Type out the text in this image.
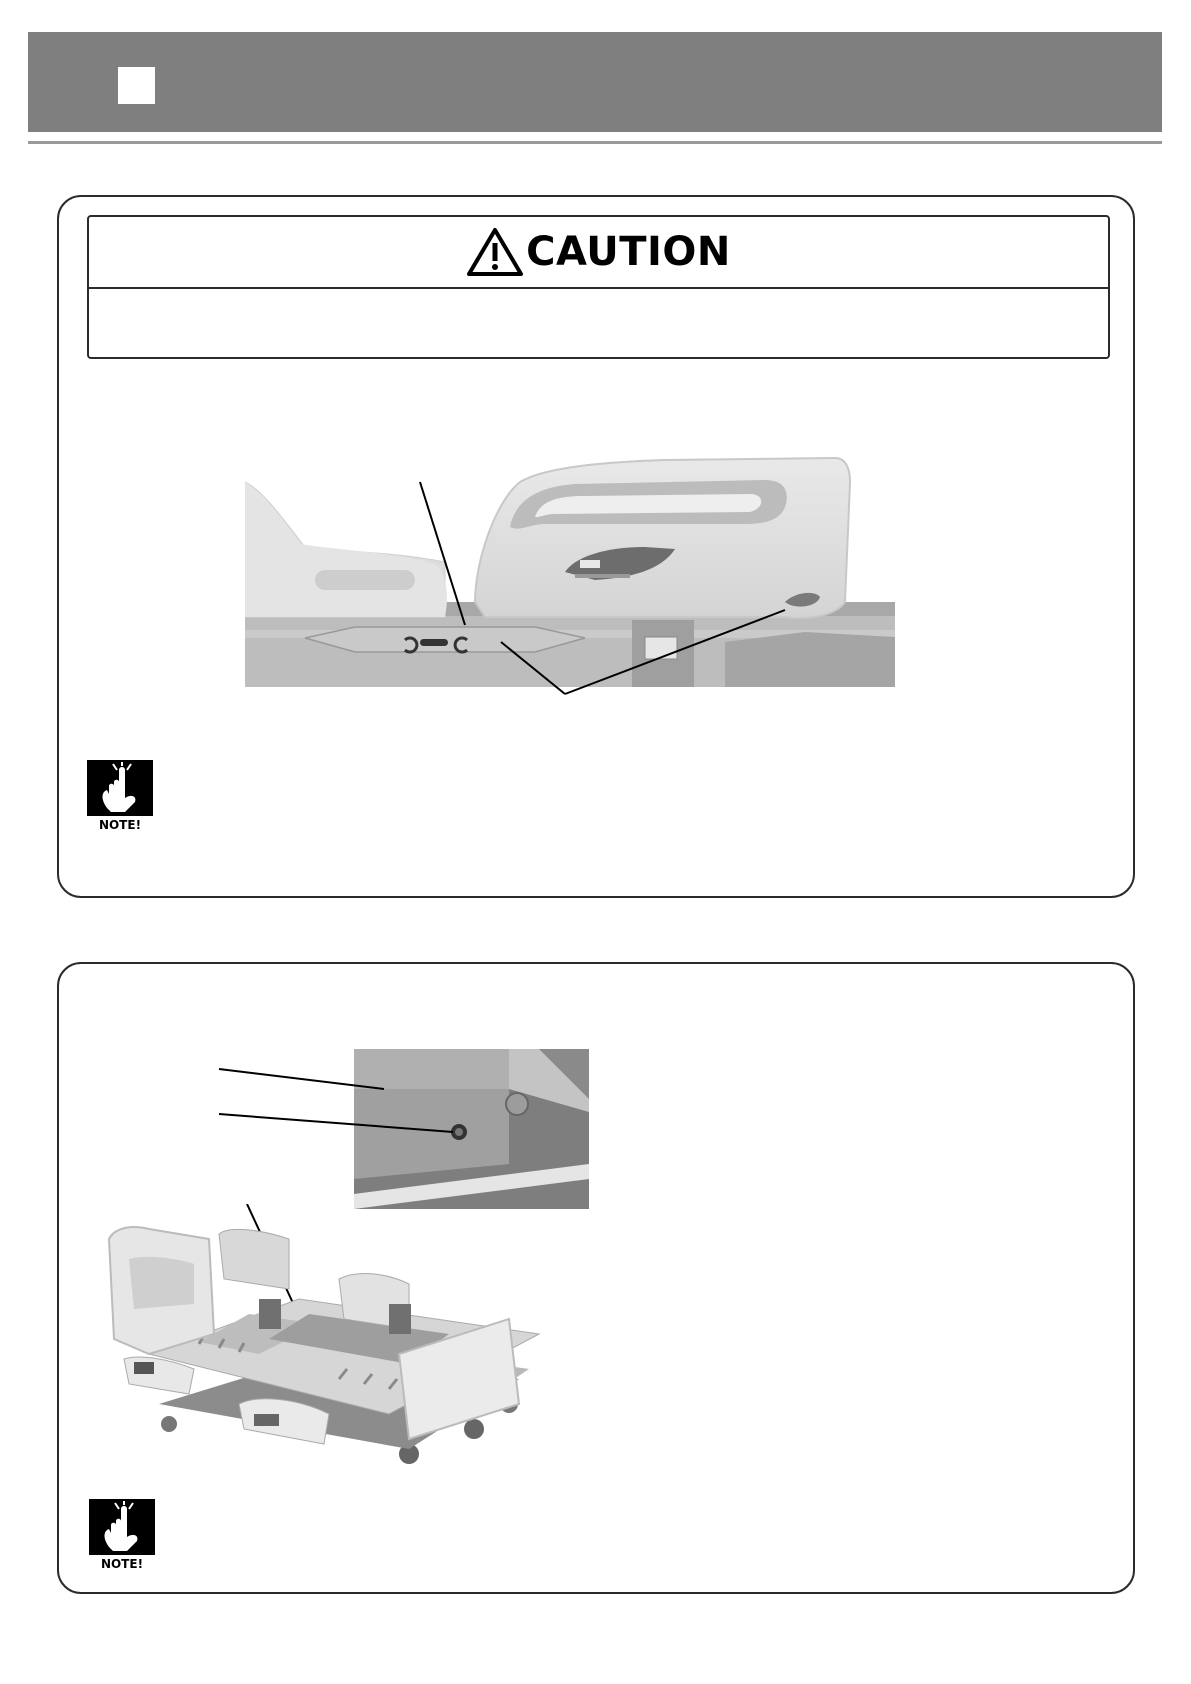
CAUTION
NOTE!
NOTE!
